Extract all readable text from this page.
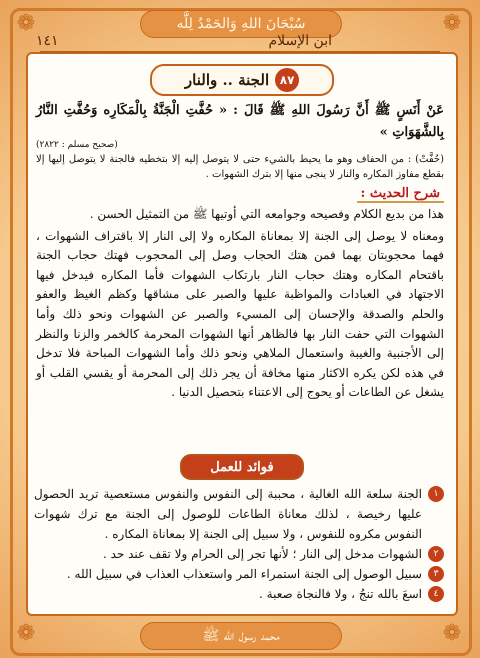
سُبْحَانَ اللهِ وَالحَمْدُ لِلَّه
❁	❁
❁	❁
ابن الإسلام
١٤١
٨٧
الجنة .. والنار
عَنْ أَنَسٍ ﷺ أَنَّ رَسُولَ اللهِ ﷺ قَالَ : « حُفَّتِ الْجَنَّةُ بِالْمَكَارِه وَحُفَّتِ النَّارُ بِالشَّهَوَاتِ »
(صحيح مسلم : ٢٨٢٢)
(حُفَّتْ) : من الحفاف وهو ما يحيط بالشيء حتى لا يتوصل إليه إلا بتخطيه فالجنة لا يتوصل إليها إلا بقطع مفاوز المكاره والنار لا ينجى منها إلا بترك الشهوات .
شرح الحديث :
هذا من بديع الكلام وفصيحه وجوامعه التي أوتيها ﷺ من التمثيل الحسن .
ومعناه لا يوصل إلى الجنة إلا بمعاناة المكاره ولا إلى النار إلا باقتراف الشهوات ، فهما محجوبتان بهما فمن هتك الحجاب وصل إلى المحجوب فهتك حجاب الجنة باقتحام المكاره وهتك حجاب النار بارتكاب الشهوات فأما المكاره فيدخل فيها الاجتهاد في العبادات والمواظبة عليها والصبر على مشاقها وكظم الغيظ والعفو والحلم والصدقة والإحسان إلى المسيء والصبر عن الشهوات ونحو ذلك وأما الشهوات التي حفت النار بها فالظاهر أنها الشهوات المحرمة كالخمر والزنا والنظر إلى الأجنبية والغيبة واستعمال الملاهي ونحو ذلك وأما الشهوات المباحة فلا تدخل في هذه لكن يكره الاكثار منها مخافة أن يجر ذلك إلى المحرمة أو يقسي القلب أو يشغل عن الطاعات أو يحوج إلى الاعتناء بتحصيل الدنيا .
فوائد للعمل
١
الجنة سلعة الله الغالية ، محببة إلى النفوس والنفوس مستعصية تريد الحصول عليها رخيصة ، لذلك معاناة الطاعات للوصول إلى الجنة مع ترك شهوات النفوس مكروه للنفوس ، ولا سبيل إلى الجنة إلا بمعاناة المكاره .
٢
الشهوات مدخل إلى النار ؛ لأنها تجر إلى الحرام ولا تقف عند حد .
٣
سبيل الوصول إلى الجنة استمراء المر واستعذاب العذاب في سبيل الله .
٤
اسعَ بالله تنجُ ، ولا فالنجاة صعبة .
محمد رسول الله ﷺ
